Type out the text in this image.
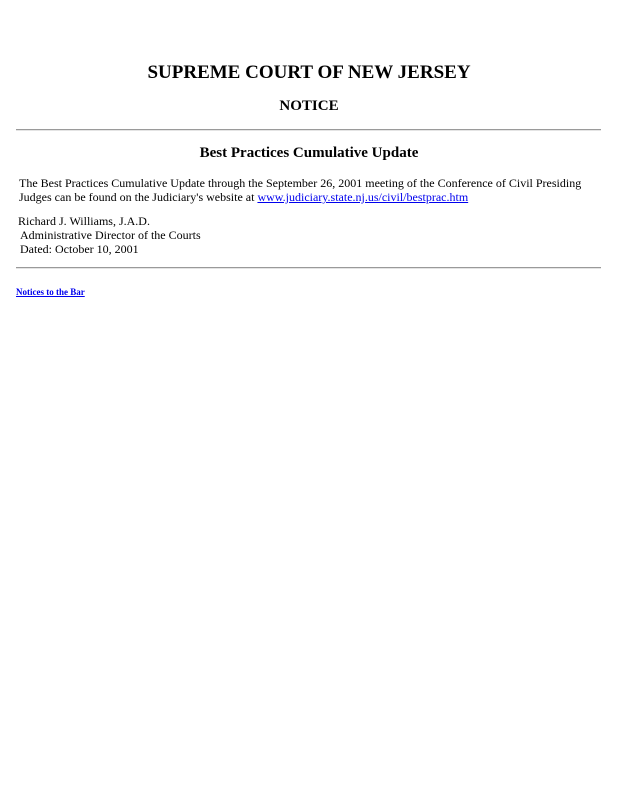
SUPREME COURT OF NEW JERSEY
NOTICE
Best Practices Cumulative Update

The Best Practices Cumulative Update through the September 26, 2001 meeting of the Conference of Civil Presiding Judges can be found on the Judiciary's website at www.judiciary.state.nj.us/civil/bestprac.htm

Richard J. Williams, J.A.D.

Administrative Director of the Courts

Dated: October 10, 2001

Notices to the Bar
